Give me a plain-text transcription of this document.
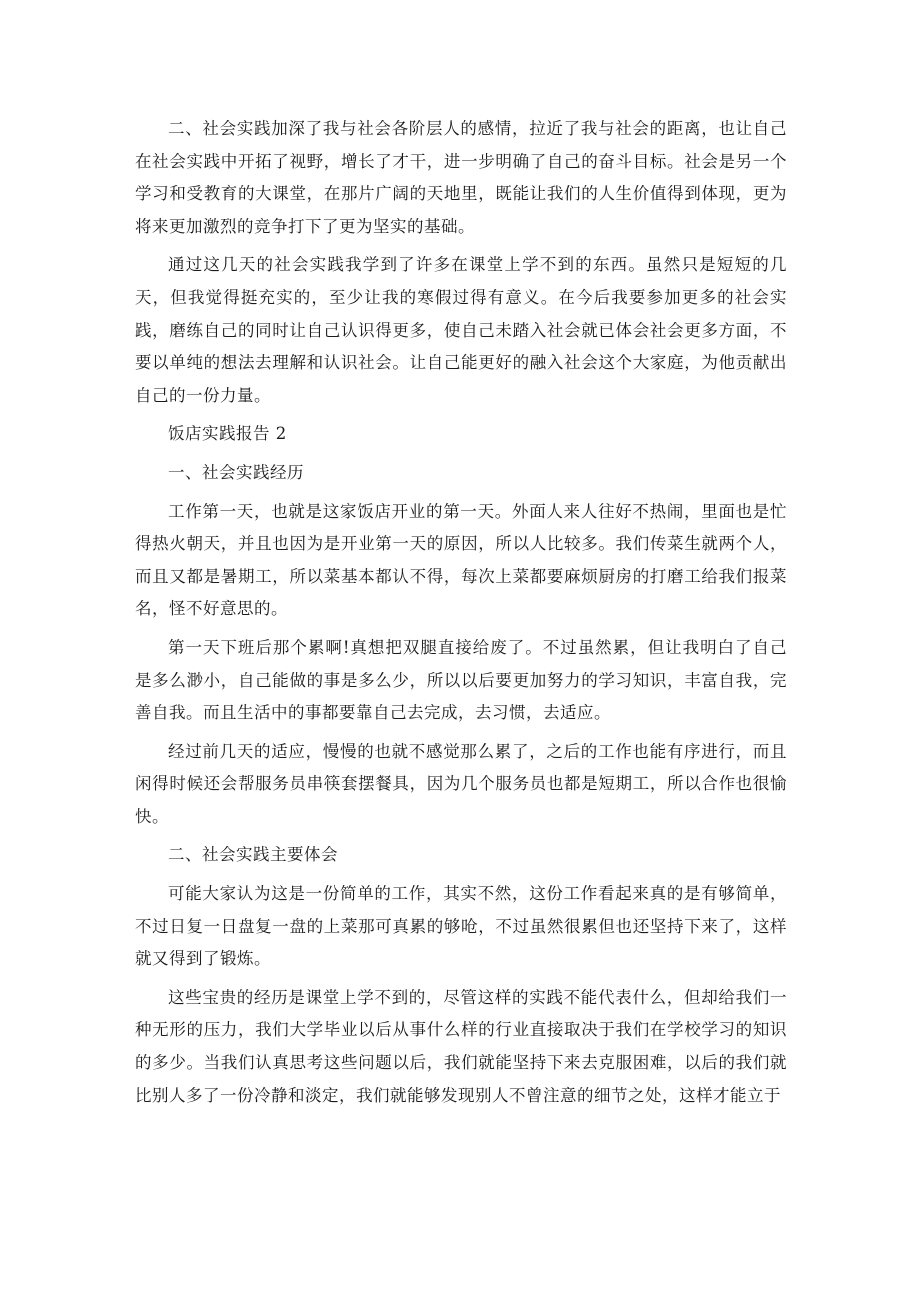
二、社会实践加深了我与社会各阶层人的感情，拉近了我与社会的距离，也让自己在社会实践中开拓了视野，增长了才干，进一步明确了自己的奋斗目标。社会是另一个学习和受教育的大课堂，在那片广阔的天地里，既能让我们的人生价值得到体现，更为将来更加激烈的竞争打下了更为坚实的基础。

通过这几天的社会实践我学到了许多在课堂上学不到的东西。虽然只是短短的几天，但我觉得挺充实的，至少让我的寒假过得有意义。在今后我要参加更多的社会实践，磨练自己的同时让自己认识得更多，使自己未踏入社会就已体会社会更多方面，不要以单纯的想法去理解和认识社会。让自己能更好的融入社会这个大家庭，为他贡献出自己的一份力量。

饭店实践报告 2

一、社会实践经历

工作第一天，也就是这家饭店开业的第一天。外面人来人往好不热闹，里面也是忙得热火朝天，并且也因为是开业第一天的原因，所以人比较多。我们传菜生就两个人，而且又都是暑期工，所以菜基本都认不得，每次上菜都要麻烦厨房的打磨工给我们报菜名，怪不好意思的。

第一天下班后那个累啊!真想把双腿直接给废了。不过虽然累，但让我明白了自己是多么渺小，自己能做的事是多么少，所以以后要更加努力的学习知识，丰富自我，完善自我。而且生活中的事都要靠自己去完成，去习惯，去适应。

经过前几天的适应，慢慢的也就不感觉那么累了，之后的工作也能有序进行，而且闲得时候还会帮服务员串筷套摆餐具，因为几个服务员也都是短期工，所以合作也很愉快。

二、社会实践主要体会

可能大家认为这是一份简单的工作，其实不然，这份工作看起来真的是有够简单，不过日复一日盘复一盘的上菜那可真累的够呛，不过虽然很累但也还坚持下来了，这样就又得到了锻炼。

这些宝贵的经历是课堂上学不到的，尽管这样的实践不能代表什么，但却给我们一种无形的压力，我们大学毕业以后从事什么样的行业直接取决于我们在学校学习的知识的多少。当我们认真思考这些问题以后，我们就能坚持下来去克服困难，以后的我们就比别人多了一份冷静和淡定，我们就能够发现别人不曾注意的细节之处，这样才能立于
